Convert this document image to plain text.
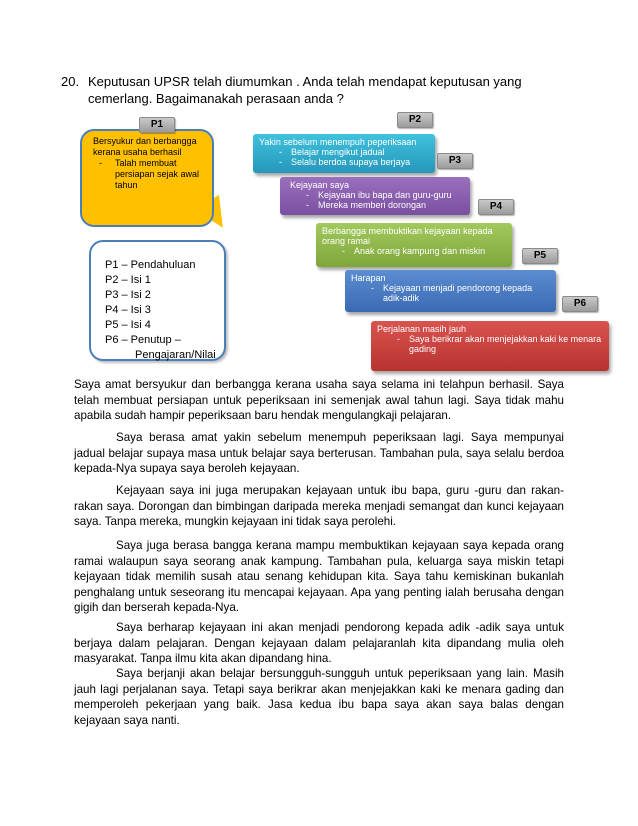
20. Keputusan UPSR telah diumumkan . Anda telah mendapat keputusan yang cemerlang. Bagaimanakah perasaan anda ?
Bersyukur dan berbangga
kerana usaha berhasil
- Talah membuat persiapan sejak awal tahun
P1 – Pendahuluan
P2 – Isi 1
P3 – Isi 2
P4 – Isi 3
P5 – Isi 4
P6 – Penutup –
Pengajaran/Nilai
Yakin sebelum menempuh peperiksaan
- Belajar mengikut jadual
- Selalu berdoa supaya berjaya
Kejayaan saya
- Kejayaan ibu bapa dan guru-guru
- Mereka memberi dorongan
Berbangga membuktikan kejayaan kepada orang ramai
- Anak orang kampung dan miskin
Harapan
- Kejayaan menjadi pendorong kepada adik-adik
Perjalanan masih jauh
- Saya berikrar akan menjejakkan kaki ke menara gading
P1	P2
P3
P4
P5
P6

Saya amat bersyukur dan berbangga kerana usaha saya selama ini telahpun berhasil. Saya telah membuat persiapan untuk peperiksaan ini semenjak awal tahun lagi. Saya tidak mahu apabila sudah hampir peperiksaan baru hendak mengulangkaji pelajaran.

Saya berasa amat yakin sebelum menempuh peperiksaan lagi. Saya mempunyai jadual belajar supaya masa untuk belajar saya berterusan. Tambahan pula, saya selalu berdoa kepada-Nya supaya saya beroleh kejayaan.

Kejayaan saya ini juga merupakan kejayaan untuk ibu bapa, guru -guru dan rakan-rakan saya. Dorongan dan bimbingan daripada mereka menjadi semangat dan kunci kejayaan saya. Tanpa mereka, mungkin kejayaan ini tidak saya perolehi.

Saya juga berasa bangga kerana mampu membuktikan kejayaan saya kepada orang ramai walaupun saya seorang anak kampung. Tambahan pula, keluarga saya miskin tetapi kejayaan tidak memilih susah atau senang kehidupan kita. Saya tahu kemiskinan bukanlah penghalang untuk seseorang itu mencapai kejayaan. Apa yang penting ialah berusaha dengan gigih dan berserah kepada-Nya.

Saya berharap kejayaan ini akan menjadi pendorong kepada adik -adik saya untuk berjaya dalam pelajaran. Dengan kejayaan dalam pelajaranlah kita dipandang mulia oleh masyarakat. Tanpa ilmu kita akan dipandang hina.

Saya berjanji akan belajar bersungguh-sungguh untuk peperiksaan yang lain. Masih jauh lagi perjalanan saya. Tetapi saya berikrar akan menjejakkan kaki ke menara gading dan memperoleh pekerjaan yang baik. Jasa kedua ibu bapa saya akan saya balas dengan kejayaan saya nanti.
